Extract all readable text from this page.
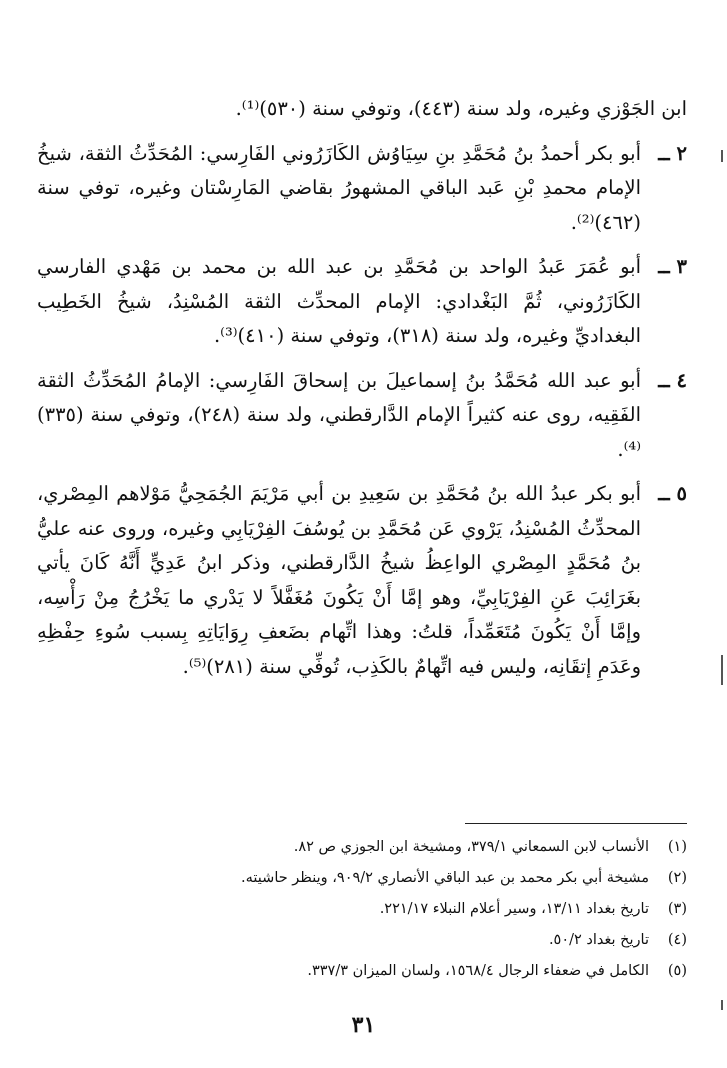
ابن الجَوْزي وغيره، ولد سنة (٤٤٣)، وتوفي سنة (٥٣٠)⁽¹⁾.

٢ ــ
أبو بكر أحمدُ بنُ مُحَمَّدِ بنِ سِيَاوُش الكَازَرُوني الفَارِسي: المُحَدِّثُ الثقة، شيخُ الإمام محمدِ بْنِ عَبد الباقي المشهورُ بقاضي المَارِسْتان وغيره، توفي سنة (٤٦٢)⁽²⁾.
٣ ــ
أبو عُمَرَ عَبدُ الواحد بن مُحَمَّدِ بن عبد الله بن محمد بن مَهْدي الفارسي الكَازَرُوني، ثُمَّ البَغْدادي: الإمام المحدِّث الثقة المُسْنِدُ، شيخُ الخَطِيب البغداديِّ وغيره، ولد سنة (٣١٨)، وتوفي سنة (٤١٠)⁽³⁾.
٤ ــ
أبو عبد الله مُحَمَّدُ بنُ إسماعيلَ بن إسحاقَ الفَارِسي: الإمامُ المُحَدِّثُ الثقة الفَقِيه، روى عنه كثيراً الإمام الدَّارقطني، ولد سنة (٢٤٨)، وتوفي سنة (٣٣٥)⁽⁴⁾.
٥ ــ
أبو بكر عبدُ الله بنُ مُحَمَّدِ بن سَعِيدِ بن أبي مَرْيَمَ الجُمَحِيُّ مَوْلاهم المِصْري، المحدِّثُ المُسْنِدُ، يَرْوي عَن مُحَمَّدِ بن يُوسُفَ الفِرْيَابِي وغيره، وروى عنه عليُّ بنُ مُحَمَّدٍ المِصْري الواعِظُ شيخُ الدَّارقطني، وذكر ابنُ عَدِيٍّ أَنَّهُ كَانَ يأتي بغَرَائِبَ عَنِ الفِرْيَابِيِّ، وهو إمَّا أَنْ يَكُونَ مُغَفَّلاً لا يَدْري ما يَخْرُجُ مِنْ رَأْسِه، وإمَّا أَنْ يَكُونَ مُتَعَمِّداً، قلتُ: وهذا اتِّهام بضَعفِ رِوَايَاتِهِ بِسبب سُوءِ حِفْظِهِ وعَدَمِ إتقَانِه، وليس فيه اتِّهامٌ بالكَذِب، تُوفِّي سنة (٢٨١)⁽⁵⁾.
(١)
الأنساب لابن السمعاني ٣٧٩/١، ومشيخة ابن الجوزي ص ٨٢.
(٢)
مشيخة أبي بكر محمد بن عبد الباقي الأنصاري ٩٠٩/٢، وينظر حاشيته.
(٣)
تاريخ بغداد ١٣/١١، وسير أعلام النبلاء ٢٢١/١٧.
(٤)
تاريخ بغداد ٥٠/٢.
(٥)
الكامل في ضعفاء الرجال ١٥٦٨/٤، ولسان الميزان ٣٣٧/٣.
٣١
